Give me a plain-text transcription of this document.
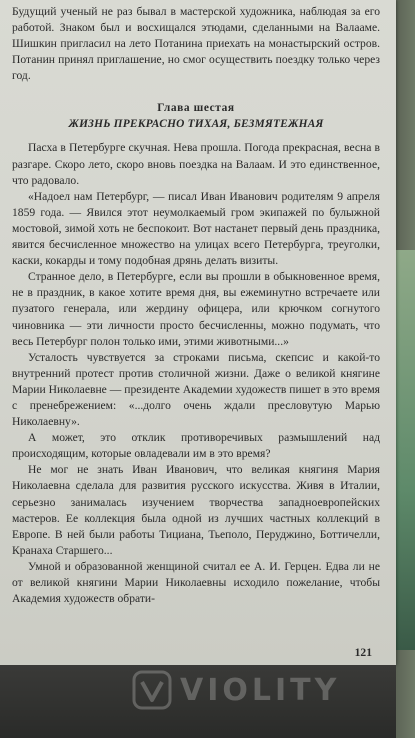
Будущий ученый не раз бывал в мастерской художника, наблюдая за его работой. Знаком был и восхищался этюдами, сделанными на Валааме. Шишкин пригласил на лето Потанина приехать на монастырский остров. Потанин принял приглашение, но смог осуществить поездку только через год.

Глава шестая
ЖИЗНЬ ПРЕКРАСНО ТИХАЯ, БЕЗМЯТЕЖНАЯ

Пасха в Петербурге скучная. Нева прошла. Погода прекрасная, весна в разгаре. Скоро лето, скоро вновь поездка на Валаам. И это единственное, что радовало.

«Надоел нам Петербург, — писал Иван Иванович родителям 9 апреля 1859 года. — Явился этот неумолкаемый гром экипажей по булыжной мостовой, зимой хоть не беспокоит. Вот настанет первый день праздника, явится бесчисленное множество на улицах всего Петербурга, треуголки, каски, кокарды и тому подобная дрянь делать визиты.

Странное дело, в Петербурге, если вы прошли в обыкновенное время, не в праздник, в какое хотите время дня, вы ежеминутно встречаете или пузатого генерала, или жердину офицера, или крючком согнутого чиновника — эти личности просто бесчисленны, можно подумать, что весь Петербург полон только ими, этими животными...»

Усталость чувствуется за строками письма, скепсис и какой-то внутренний протест против столичной жизни. Даже о великой княгине Марии Николаевне — президенте Академии художеств пишет в это время с пренебрежением: «...долго очень ждали пресловутую Марью Николаевну».

А может, это отклик противоречивых размышлений над происходящим, которые овладевали им в это время?

Не мог не знать Иван Иванович, что великая княгиня Мария Николаевна сделала для развития русского искусства. Живя в Италии, серьезно занималась изучением творчества западноевропейских мастеров. Ее коллекция была одной из лучших частных коллекций в Европе. В ней были работы Тициана, Тьеполо, Перуджино, Боттичелли, Кранаха Старшего...

Умной и образованной женщиной считал ее А. И. Герцен. Едва ли не от великой княгини Марии Николаевны исходило пожелание, чтобы Академия художеств обрати-

121
VIOLITY
